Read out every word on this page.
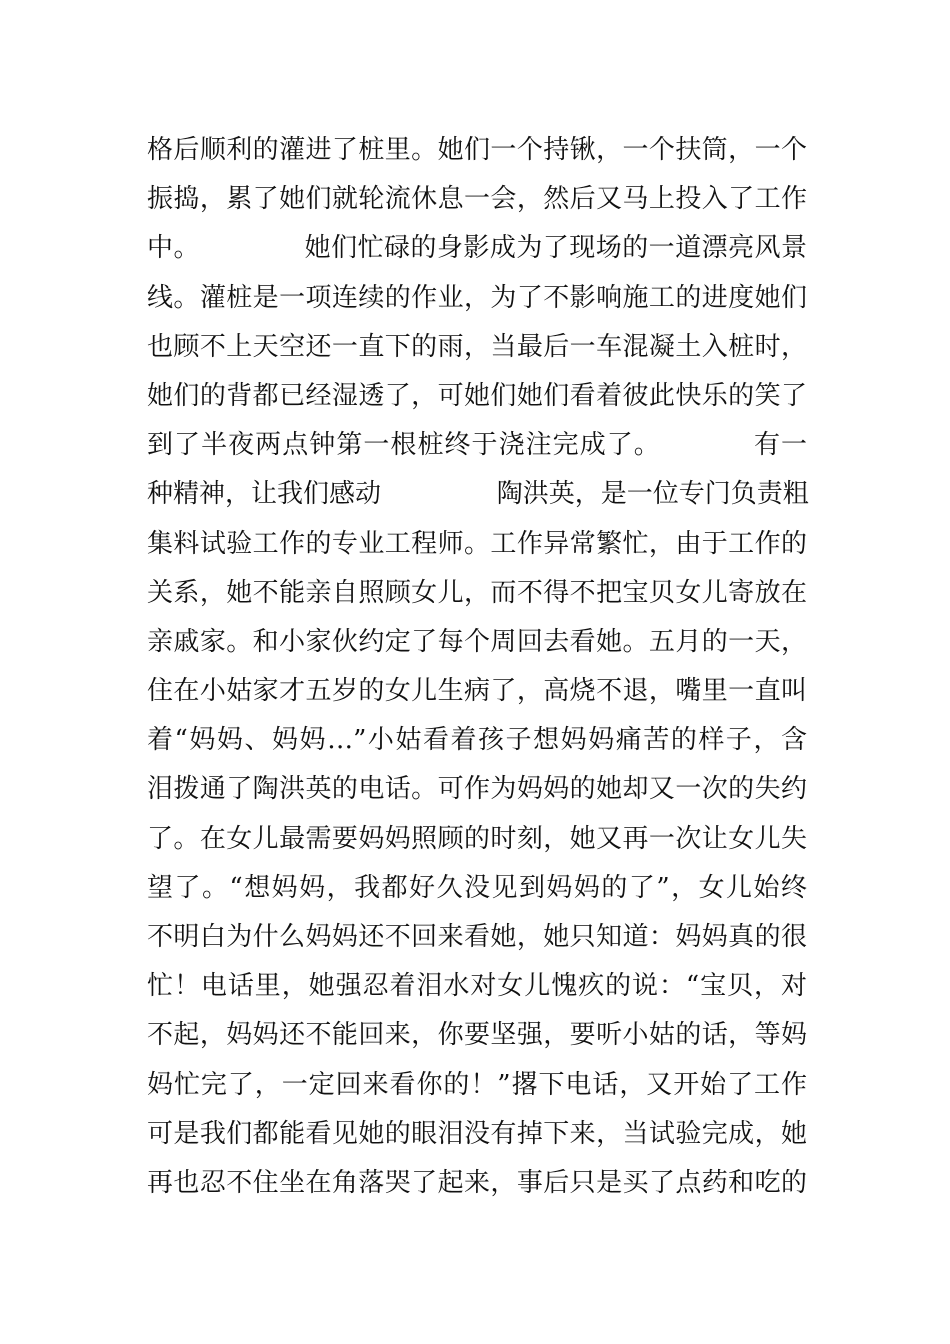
格后顺利的灌进了桩里。她们一个持锹，一个扶筒，一个
振捣，累了她们就轮流休息一会，然后又马上投入了工作
中。            她们忙碌的身影成为了现场的一道漂亮风景
线。灌桩是一项连续的作业，为了不影响施工的进度她们
也顾不上天空还一直下的雨，当最后一车混凝土入桩时，
她们的背都已经湿透了，可她们她们看着彼此快乐的笑了
到了半夜两点钟第一根桩终于浇注完成了。          有一
种精神，让我们感动              陶洪英，是一位专门负责粗
集料试验工作的专业工程师。工作异常繁忙，由于工作的
关系，她不能亲自照顾女儿，而不得不把宝贝女儿寄放在
亲戚家。和小家伙约定了每个周回去看她。五月的一天，
住在小姑家才五岁的女儿生病了，高烧不退，嘴里一直叫
着“妈妈、妈妈…”小姑看着孩子想妈妈痛苦的样子，含
泪拨通了陶洪英的电话。可作为妈妈的她却又一次的失约
了。在女儿最需要妈妈照顾的时刻，她又再一次让女儿失
望了。“想妈妈，我都好久没见到妈妈的了”，女儿始终
不明白为什么妈妈还不回来看她，她只知道：妈妈真的很
忙！电话里，她强忍着泪水对女儿愧疚的说：“宝贝，对
不起，妈妈还不能回来，你要坚强，要听小姑的话，等妈
妈忙完了，一定回来看你的！”撂下电话，又开始了工作
可是我们都能看见她的眼泪没有掉下来，当试验完成，她
再也忍不住坐在角落哭了起来，事后只是买了点药和吃的
